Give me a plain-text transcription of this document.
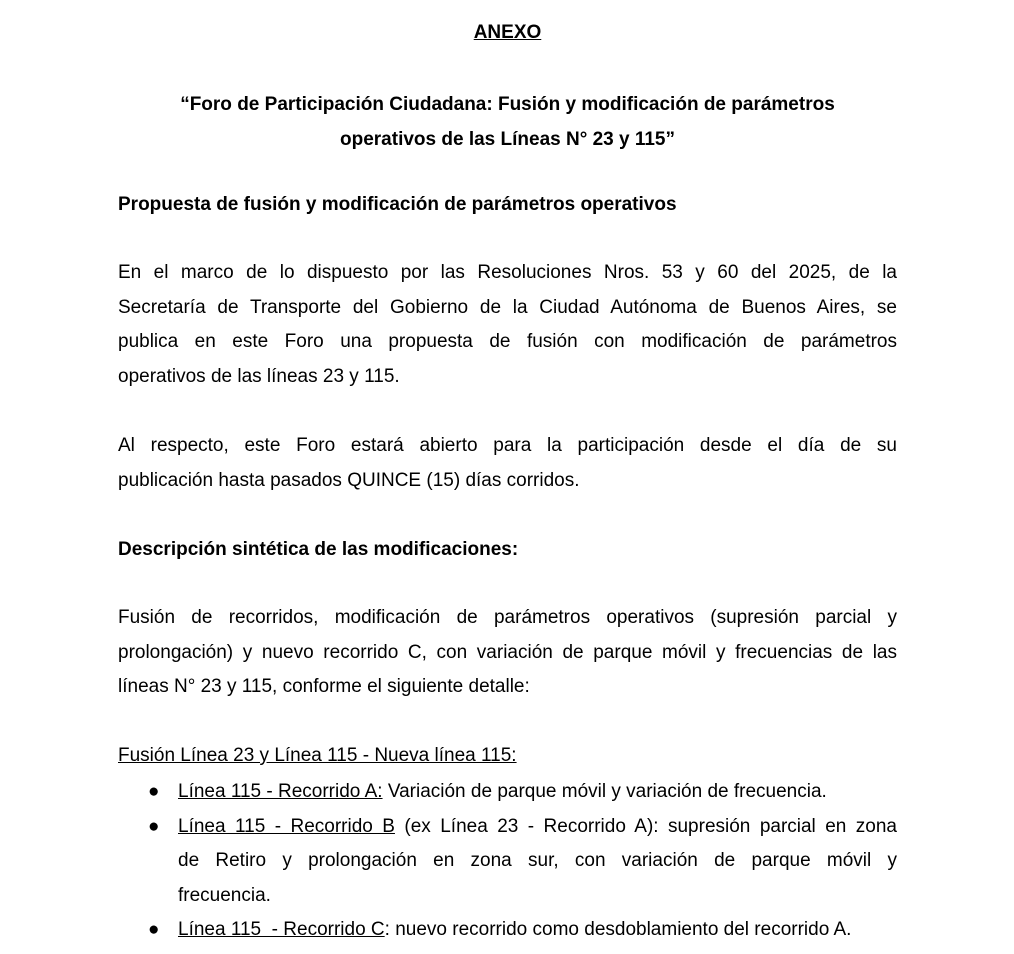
ANEXO
“Foro de Participación Ciudadana: Fusión y modificación de parámetros
operativos de las Líneas N° 23 y 115”
Propuesta de fusión y modificación de parámetros operativos
En el marco de lo dispuesto por las Resoluciones Nros. 53 y 60 del 2025, de la
Secretaría de Transporte del Gobierno de la Ciudad Autónoma de Buenos Aires, se
publica en este Foro una propuesta de fusión con modificación de parámetros
operativos de las líneas 23 y 115.
Al respecto, este Foro estará abierto para la participación desde el día de su
publicación hasta pasados QUINCE (15) días corridos.
Descripción sintética de las modificaciones:
Fusión de recorridos, modificación de parámetros operativos (supresión parcial y
prolongación) y nuevo recorrido C, con variación de parque móvil y frecuencias de las
líneas N° 23 y 115, conforme el siguiente detalle:
Fusión Línea 23 y Línea 115 - Nueva línea 115:
● Línea 115 - Recorrido A: Variación de parque móvil y variación de frecuencia.
● Línea 115 - Recorrido B (ex Línea 23 - Recorrido A): supresión parcial en zona
de Retiro y prolongación en zona sur, con variación de parque móvil y
frecuencia.
● Línea 115  - Recorrido C: nuevo recorrido como desdoblamiento del recorrido A.
